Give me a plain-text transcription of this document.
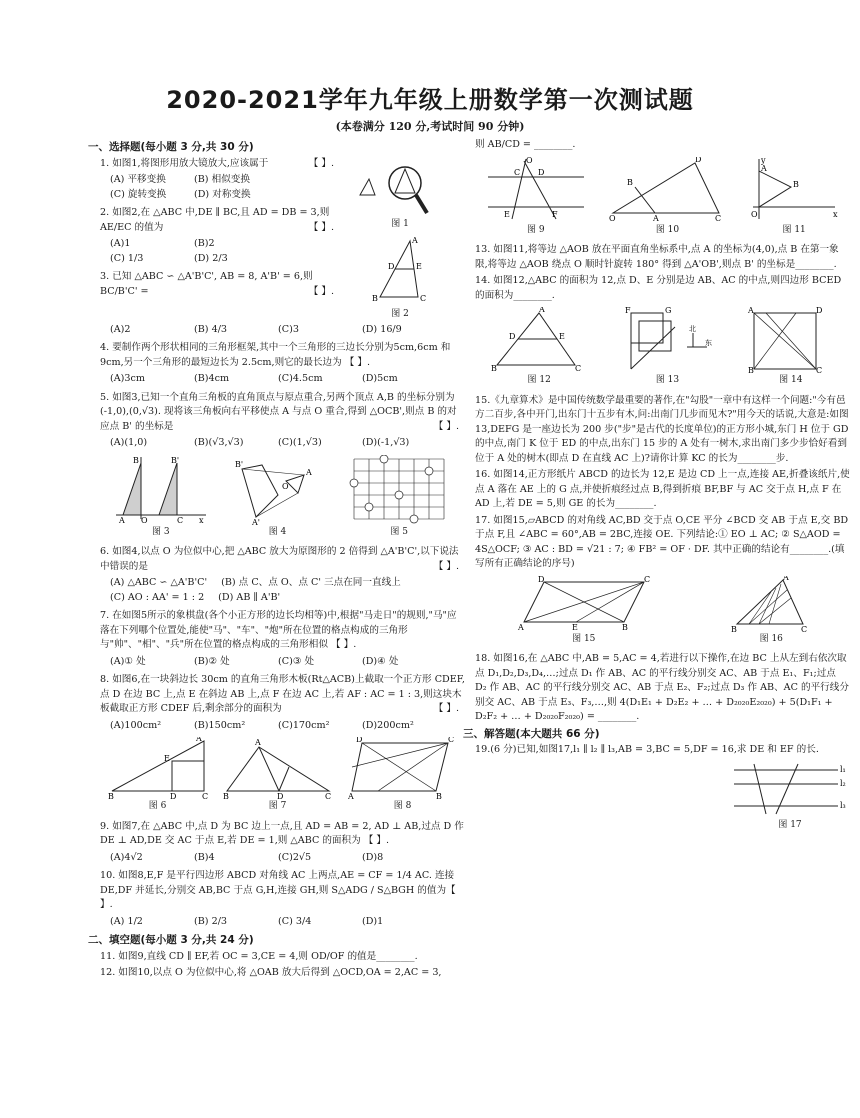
2020-2021学年九年级上册数学第一次测试题
(本卷满分 120 分,考试时间 90 分钟)
一、选择题(每小题 3 分,共 30 分)
1. 如图1,将图形用放大镜放大,应该属于	【 】.
(A) 平移变换	(B) 相似变换
(C) 旋转变换	(D) 对称变换
2. 如图2,在 △ABC 中,DE ∥ BC,且 AD = DB = 3,则 AE/EC 的值为	【 】.
(A)1	(B)2
(C) 1/3	(D) 2/3
3. 已知 △ABC ∽ △A'B'C', AB = 8, A'B' = 6,则 BC/B'C' =	【 】.
图 1
A
D	E
B	C
图 2
(A)2	(B) 4/3	(C)3	(D) 16/9
4. 要制作两个形状相同的三角形框架,其中一个三角形的三边长分别为5cm,6cm 和 9cm,另一个三角形的最短边长为 2.5cm,则它的最长边为 【 】.
(A)3cm	(B)4cm	(C)4.5cm	(D)5cm
5. 如图3,已知一个直角三角板的直角顶点与原点重合,另两个顶点 A,B 的坐标分别为(-1,0),(0,√3). 现将该三角板向右平移使点 A 与点 O 重合,得到 △OCB',则点 B 的对应点 B' 的坐标是	【 】.
(A)(1,0)	(B)(√3,√3)	(C)(1,√3)	(D)(-1,√3)
A O	C x
B	B'
图 3
B'
O
A'
A
图 4	图 5
6. 如图4,以点 O 为位似中心,把 △ABC 放大为原图形的 2 倍得到 △A'B'C',以下说法中错误的是	【 】.
(A) △ABC ∽ △A'B'C' (B) 点 C、点 O、点 C' 三点在同一直线上
(C) AO : AA' = 1 : 2 (D) AB ∥ A'B'
7. 在如图5所示的象棋盘(各个小正方形的边长均相等)中,根据"马走日"的规则,"马"应落在下列哪个位置处,能使"马"、"车"、"炮"所在位置的格点构成的三角形与"帅"、"相"、"兵"所在位置的格点构成的三角形相似 【 】.
(A)① 处	(B)② 处	(C)③ 处	(D)④ 处
8. 如图6,在一块斜边长 30cm 的直角三角形木板(Rt△ACB)上截取一个正方形 CDEF,点 D 在边 BC 上,点 E 在斜边 AB 上,点 F 在边 AC 上,若 AF : AC = 1 : 3,则这块木板截取正方形 CDEF 后,剩余部分的面积为	【 】.
(A)100cm²	(B)150cm²	(C)170cm²	(D)200cm²
B	D	C
E
A
图 6
B	D	C
A
图 7
D	C
A	B
图 8
9. 如图7,在 △ABC 中,点 D 为 BC 边上一点,且 AD = AB = 2, AD ⊥ AB,过点 D 作 DE ⊥ AD,DE 交 AC 于点 E,若 DE = 1,则 △ABC 的面积为 【 】.
(A)4√2	(B)4	(C)2√5	(D)8
10. 如图8,E,F 是平行四边形 ABCD 对角线 AC 上两点,AE = CF = 1/4 AC. 连接 DE,DF 并延长,分别交 AB,BC 于点 G,H,连接 GH,则 S△ADG / S△BGH 的值为【 】.
(A) 1/2	(B) 2/3	(C) 3/4	(D)1
二、填空题(每小题 3 分,共 24 分)
11. 如图9,直线 CD ∥ EF,若 OC = 3,CE = 4,则 OD/OF 的值是________.
12. 如图10,以点 O 为位似中心,将 △OAB 放大后得到 △OCD,OA = 2,AC = 3,
则 AB/CD = ________.
C D
E	F
O
图 9
O	A	C
B
D
图 10
A
B
O	x
y
图 11
13. 如图11,将等边 △AOB 放在平面直角坐标系中,点 A 的坐标为(4,0),点 B 在第一象限,将等边 △AOB 绕点 O 顺时针旋转 180° 得到 △A'OB',则点 B' 的坐标是________.
14. 如图12,△ABC 的面积为 12,点 D、E 分别是边 AB、AC 的中点,则四边形 BCED 的面积为________.
A
D	E
B	C
图 12
东
北
F	G
图 13
A	D
B	C
图 14
15.《九章算术》是中国传统数学最重要的著作,在"勾股"一章中有这样一个问题:"今有邑方二百步,各中开门,出东门十五步有木,问:出南门几步而见木?"用今天的话说,大意是:如图13,DEFG 是一座边长为 200 步("步"是古代的长度单位)的正方形小城,东门 H 位于 GD 的中点,南门 K 位于 ED 的中点,出东门 15 步的 A 处有一树木,求出南门多少步恰好看到位于 A 处的树木(即点 D 在直线 AC 上)?请你计算 KC 的长为________步.
16. 如图14,正方形纸片 ABCD 的边长为 12,E 是边 CD 上一点,连接 AE,折叠该纸片,使点 A 落在 AE 上的 G 点,并使折痕经过点 B,得到折痕 BF,BF 与 AC 交于点 H,点 F 在 AD 上,若 DE = 5,则 GE 的长为________.
17. 如图15,▱ABCD 的对角线 AC,BD 交于点 O,CE 平分 ∠BCD 交 AB 于点 E,交 BD 于点 F,且 ∠ABC = 60°,AB = 2BC,连接 OE. 下列结论:① EO ⊥ AC; ② S△AOD = 4S△OCF; ③ AC : BD = √21 : 7; ④ FB² = OF · DF. 其中正确的结论有________.(填写所有正确结论的序号)
D	C
A	E	B
图 15
A
B	C
图 16
18. 如图16,在 △ABC 中,AB = 5,AC = 4,若进行以下操作,在边 BC 上从左到右依次取点 D₁,D₂,D₃,D₄,…;过点 D₁ 作 AB、AC 的平行线分别交 AC、AB 于点 E₁、F₁;过点 D₂ 作 AB、AC 的平行线分别交 AC、AB 于点 E₂、F₂;过点 D₃ 作 AB、AC 的平行线分别交 AC、AB 于点 E₃、F₃,…,则 4(D₁E₁ + D₂E₂ + … + D₂₀₂₀E₂₀₂₀) + 5(D₁F₁ + D₂F₂ + … + D₂₀₂₀F₂₀₂₀) = ________.
三、解答题(本大题共 66 分)
19.(6 分)已知,如图17,l₁ ∥ l₂ ∥ l₃,AB = 3,BC = 5,DF = 16,求 DE 和 EF 的长.
l₁
l₂
l₃
图 17
